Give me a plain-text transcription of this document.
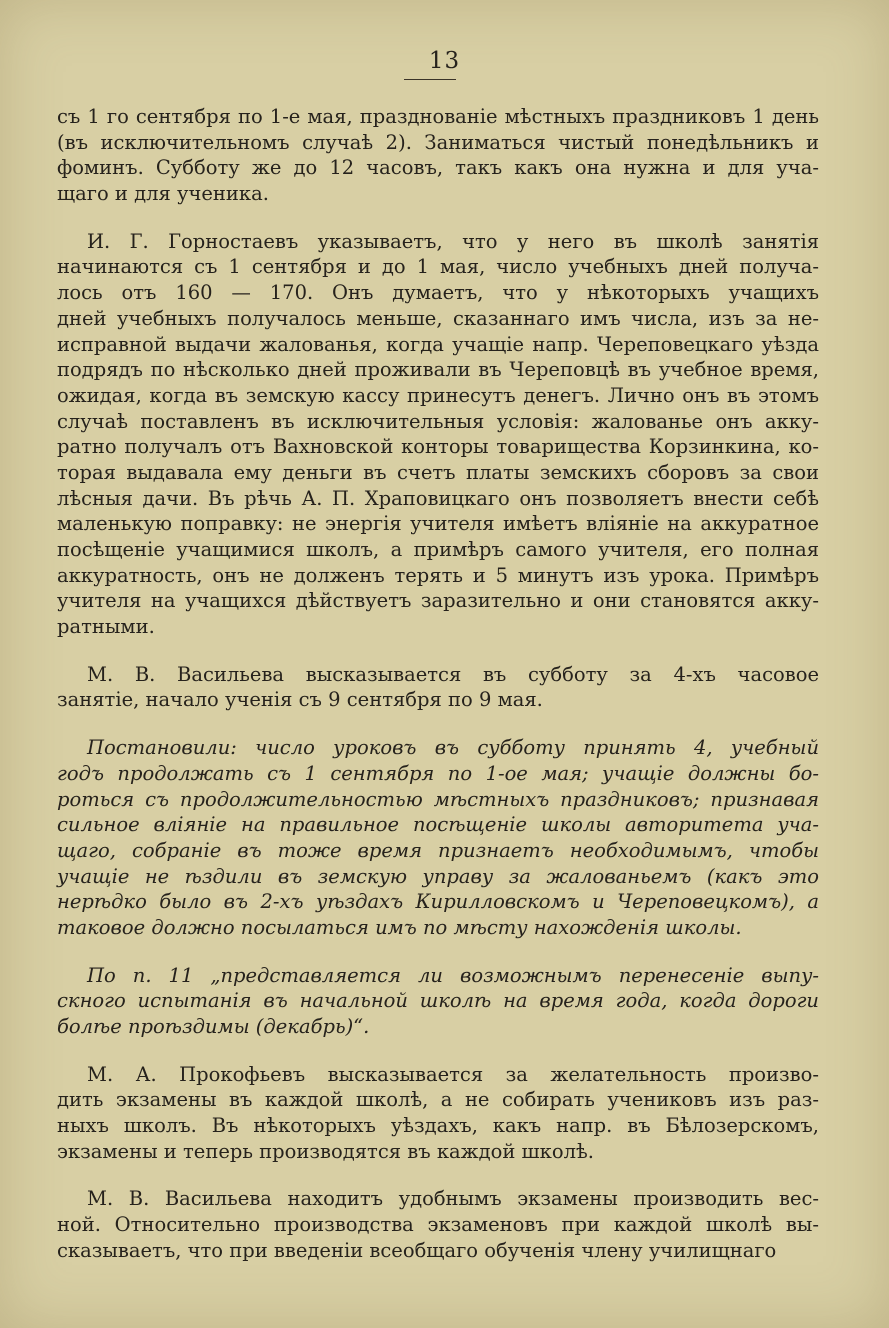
13
съ 1 го сентября по 1-е мая, празднованіе мѣстныхъ праздниковъ 1 день
(въ исключительномъ случаѣ 2). Заниматься чистый понедѣльникъ и
фоминъ. Субботу же до 12 часовъ, такъ какъ она нужна и для уча-
щаго и для ученика.
И. Г. Горностаевъ указываетъ, что у него въ школѣ занятія
начинаются съ 1 сентября и до 1 мая, число учебныхъ дней получа-
лось отъ 160 — 170. Онъ думаетъ, что у нѣкоторыхъ учащихъ
дней учебныхъ получалось меньше, сказаннаго имъ числа, изъ за не-
исправной выдачи жалованья, когда учащіе напр. Череповецкаго уѣзда
подрядъ по нѣсколько дней проживали въ Череповцѣ въ учебное время,
ожидая, когда въ земскую кассу принесутъ денегъ. Лично онъ въ этомъ
случаѣ поставленъ въ исключительныя условія: жалованье онъ акку-
ратно получалъ отъ Вахновской конторы товарищества Корзинкина, ко-
торая выдавала ему деньги въ счетъ платы земскихъ сборовъ за свои
лѣсныя дачи. Въ рѣчь А. П. Храповицкаго онъ позволяетъ внести себѣ
маленькую поправку: не энергія учителя имѣетъ вліяніе на аккуратное
посѣщеніе учащимися школъ, а примѣръ самого учителя, его полная
аккуратность, онъ не долженъ терять и 5 минутъ изъ урока. Примѣръ
учителя на учащихся дѣйствуетъ заразительно и они становятся акку-
ратными.
М. В. Васильева высказывается въ субботу за 4-хъ часовое
занятіе, начало ученія съ 9 сентября по 9 мая.
Постановили: число уроковъ въ субботу принять 4, учебный
годъ продолжать съ 1 сентября по 1-ое мая; учащіе должны бо-
роться съ продолжительностью мѣстныхъ праздниковъ; признавая
сильное вліяніе на правильное посѣщеніе школы авторитета уча-
щаго, собраніе въ тоже время признаетъ необходимымъ, чтобы
учащіе не ѣздили въ земскую управу за жалованьемъ (какъ это
нерѣдко было въ 2-хъ уѣздахъ Кирилловскомъ и Череповецкомъ), а
таковое должно посылаться имъ по мѣсту нахожденія школы.
По п. 11 „представляется ли возможнымъ перенесеніе выпу-
скного испытанія въ начальной школѣ на время года, когда дороги
болѣе проѣздимы (декабрь)“.
М. А. Прокофьевъ высказывается за желательность произво-
дить экзамены въ каждой школѣ, а не собирать учениковъ изъ раз-
ныхъ школъ. Въ нѣкоторыхъ уѣздахъ, какъ напр. въ Бѣлозерскомъ,
экзамены и теперь производятся въ каждой школѣ.
М. В. Васильева находитъ удобнымъ экзамены производить вес-
ной. Относительно производства экзаменовъ при каждой школѣ вы-
сказываетъ, что при введеніи всеобщаго обученія члену училищнаго
